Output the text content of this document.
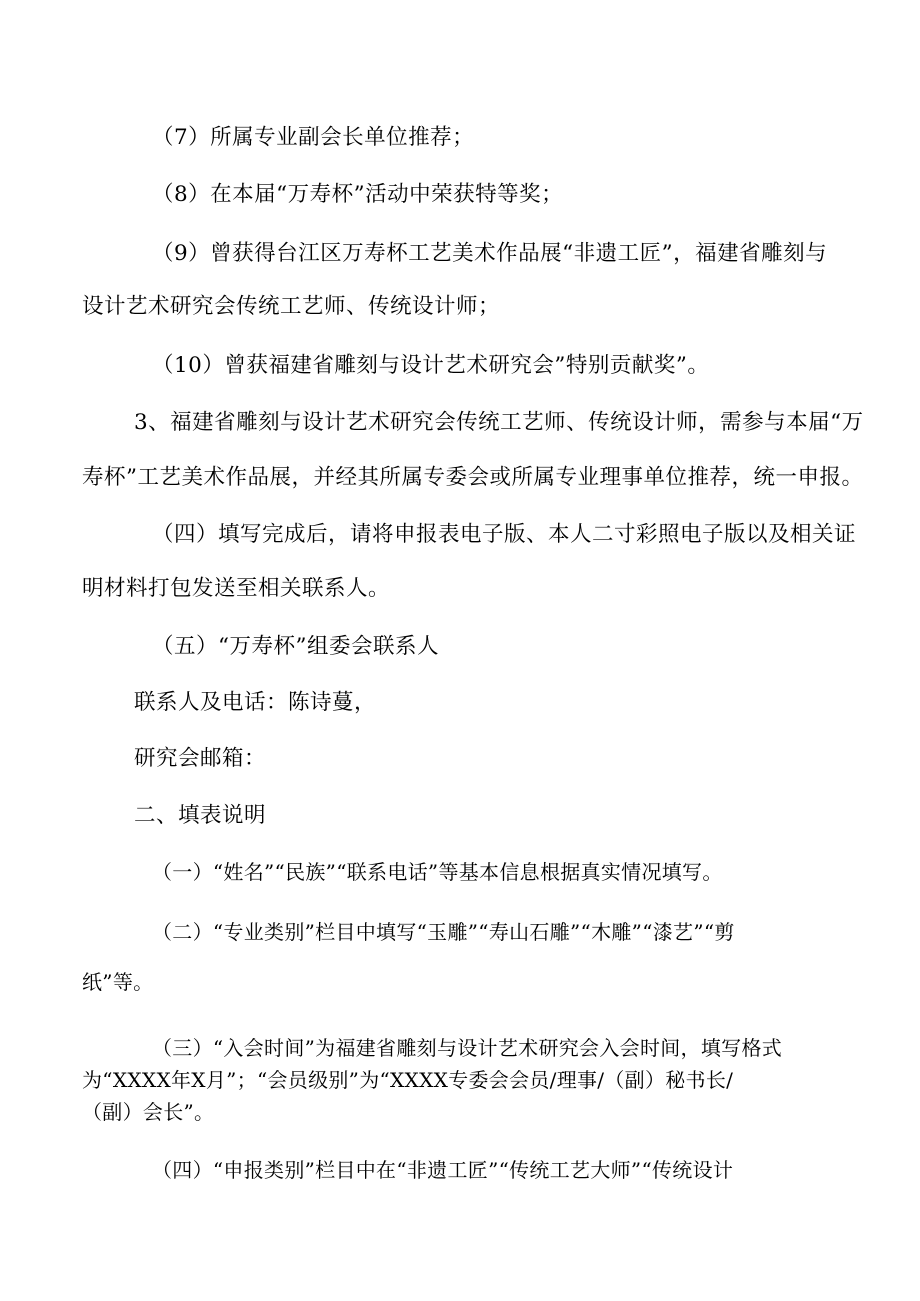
（7）所属专业副会长单位推荐；
（8）在本届“万寿杯”活动中荣获特等奖；
（9）曾获得台江区万寿杯工艺美术作品展“非遗工匠”，福建省雕刻与
设计艺术研究会传统工艺师、传统设计师；
（10）曾获福建省雕刻与设计艺术研究会”特别贡献奖”。
3、福建省雕刻与设计艺术研究会传统工艺师、传统设计师，需参与本届“万
寿杯”工艺美术作品展，并经其所属专委会或所属专业理事单位推荐，统一申报。
（四）填写完成后，请将申报表电子版、本人二寸彩照电子版以及相关证
明材料打包发送至相关联系人。
（五）“万寿杯”组委会联系人
联系人及电话：陈诗蔓，
研究会邮箱：
二、填表说明
（一）“姓名”“民族”“联系电话”等基本信息根据真实情况填写。
（二）“专业类别”栏目中填写“玉雕”“寿山石雕”“木雕”“漆艺”“剪
纸”等。
（三）“入会时间”为福建省雕刻与设计艺术研究会入会时间，填写格式
为“XXXX年X月”；“会员级别”为“XXXX专委会会员/理事/（副）秘书长/
（副）会长”。
（四）“申报类别”栏目中在“非遗工匠”“传统工艺大师”“传统设计
